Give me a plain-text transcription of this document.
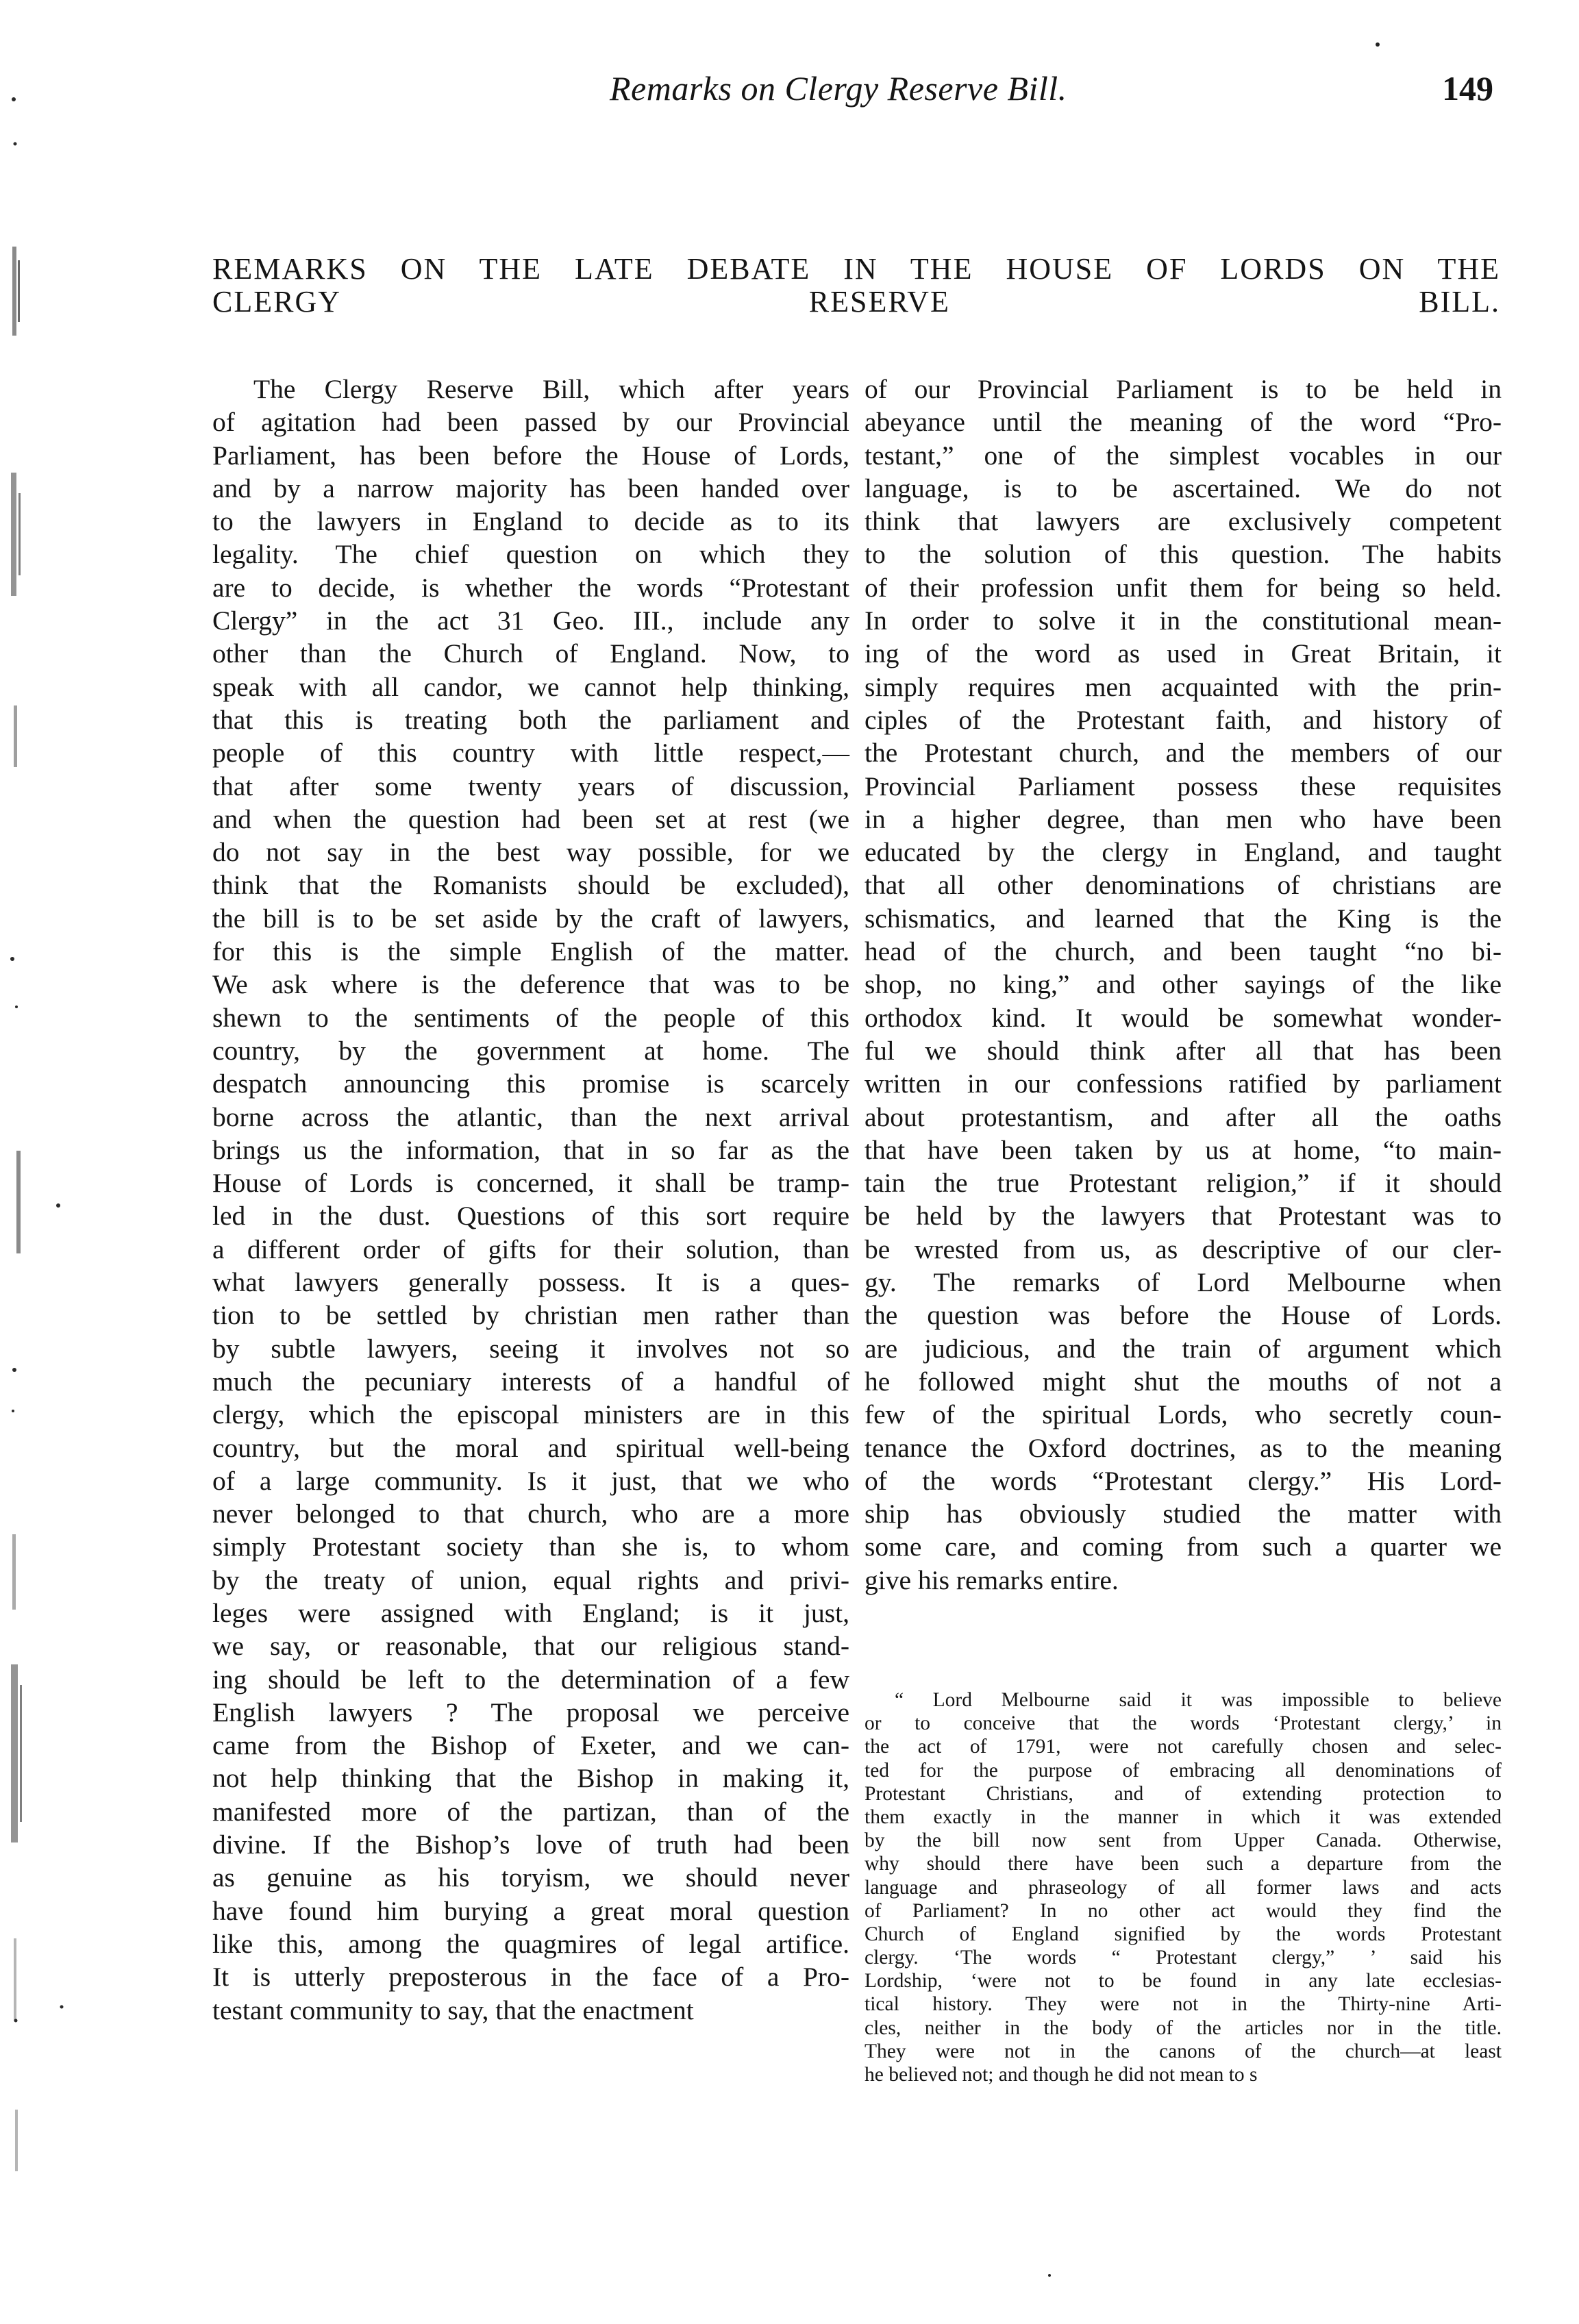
Remarks on Clergy Reserve Bill.	149
REMARKS ON THE LATE DEBATE IN THE HOUSE OF LORDS ON THE
CLERGY RESERVE BILL.
The Clergy Reserve Bill, which after years
of agitation had been passed by our Provincial
Parliament, has been before the House of Lords,
and by a narrow majority has been handed over
to the lawyers in England to decide as to its
legality. The chief question on which they
are to decide, is whether the words “Protestant
Clergy” in the act 31 Geo. III., include any
other than the Church of England. Now, to
speak with all candor, we cannot help thinking,
that this is treating both the parliament and
people of this country with little respect,—
that after some twenty years of discussion,
and when the question had been set at rest (we
do not say in the best way possible, for we
think that the Romanists should be excluded),
the bill is to be set aside by the craft of lawyers,
for this is the simple English of the matter.
We ask where is the deference that was to be
shewn to the sentiments of the people of this
country, by the government at home. The
despatch announcing this promise is scarcely
borne across the atlantic, than the next arrival
brings us the information, that in so far as the
House of Lords is concerned, it shall be tramp-
led in the dust. Questions of this sort require
a different order of gifts for their solution, than
what lawyers generally possess. It is a ques-
tion to be settled by christian men rather than
by subtle lawyers, seeing it involves not so
much the pecuniary interests of a handful of
clergy, which the episcopal ministers are in this
country, but the moral and spiritual well-being
of a large community. Is it just, that we who
never belonged to that church, who are a more
simply Protestant society than she is, to whom
by the treaty of union, equal rights and privi-
leges were assigned with England; is it just,
we say, or reasonable, that our religious stand-
ing should be left to the determination of a few
English lawyers ? The proposal we perceive
came from the Bishop of Exeter, and we can-
not help thinking that the Bishop in making it,
manifested more of the partizan, than of the
divine. If the Bishop’s love of truth had been
as genuine as his toryism, we should never
have found him burying a great moral question
like this, among the quagmires of legal artifice.
It is utterly preposterous in the face of a Pro-
testant community to say, that the enactment
of our Provincial Parliament is to be held in
abeyance until the meaning of the word “Pro-
testant,” one of the simplest vocables in our
language, is to be ascertained. We do not
think that lawyers are exclusively competent
to the solution of this question. The habits
of their profession unfit them for being so held.
In order to solve it in the constitutional mean-
ing of the word as used in Great Britain, it
simply requires men acquainted with the prin-
ciples of the Protestant faith, and history of
the Protestant church, and the members of our
Provincial Parliament possess these requisites
in a higher degree, than men who have been
educated by the clergy in England, and taught
that all other denominations of christians are
schismatics, and learned that the King is the
head of the church, and been taught “no bi-
shop, no king,” and other sayings of the like
orthodox kind. It would be somewhat wonder-
ful we should think after all that has been
written in our confessions ratified by parliament
about protestantism, and after all the oaths
that have been taken by us at home, “to main-
tain the true Protestant religion,” if it should
be held by the lawyers that Protestant was to
be wrested from us, as descriptive of our cler-
gy. The remarks of Lord Melbourne when
the question was before the House of Lords.
are judicious, and the train of argument which
he followed might shut the mouths of not a
few of the spiritual Lords, who secretly coun-
tenance the Oxford doctrines, as to the meaning
of the words “Protestant clergy.” His Lord-
ship has obviously studied the matter with
some care, and coming from such a quarter we
give his remarks entire.
“ Lord Melbourne said it was impossible to believe
or to conceive that the words ‘Protestant clergy,’ in
the act of 1791, were not carefully chosen and selec-
ted for the purpose of embracing all denominations of
Protestant Christians, and of extending protection to
them exactly in the manner in which it was extended
by the bill now sent from Upper Canada. Otherwise,
why should there have been such a departure from the
language and phraseology of all former laws and acts
of Parliament? In no other act would they find the
Church of England signified by the words Protestant
clergy. ‘The words “ Protestant clergy,” ’ said his
Lordship, ‘were not to be found in any late ecclesias-
tical history. They were not in the Thirty-nine Arti-
cles, neither in the body of the articles nor in the title.
They were not in the canons of the church—at least
he believed not; and though he did not mean to s
